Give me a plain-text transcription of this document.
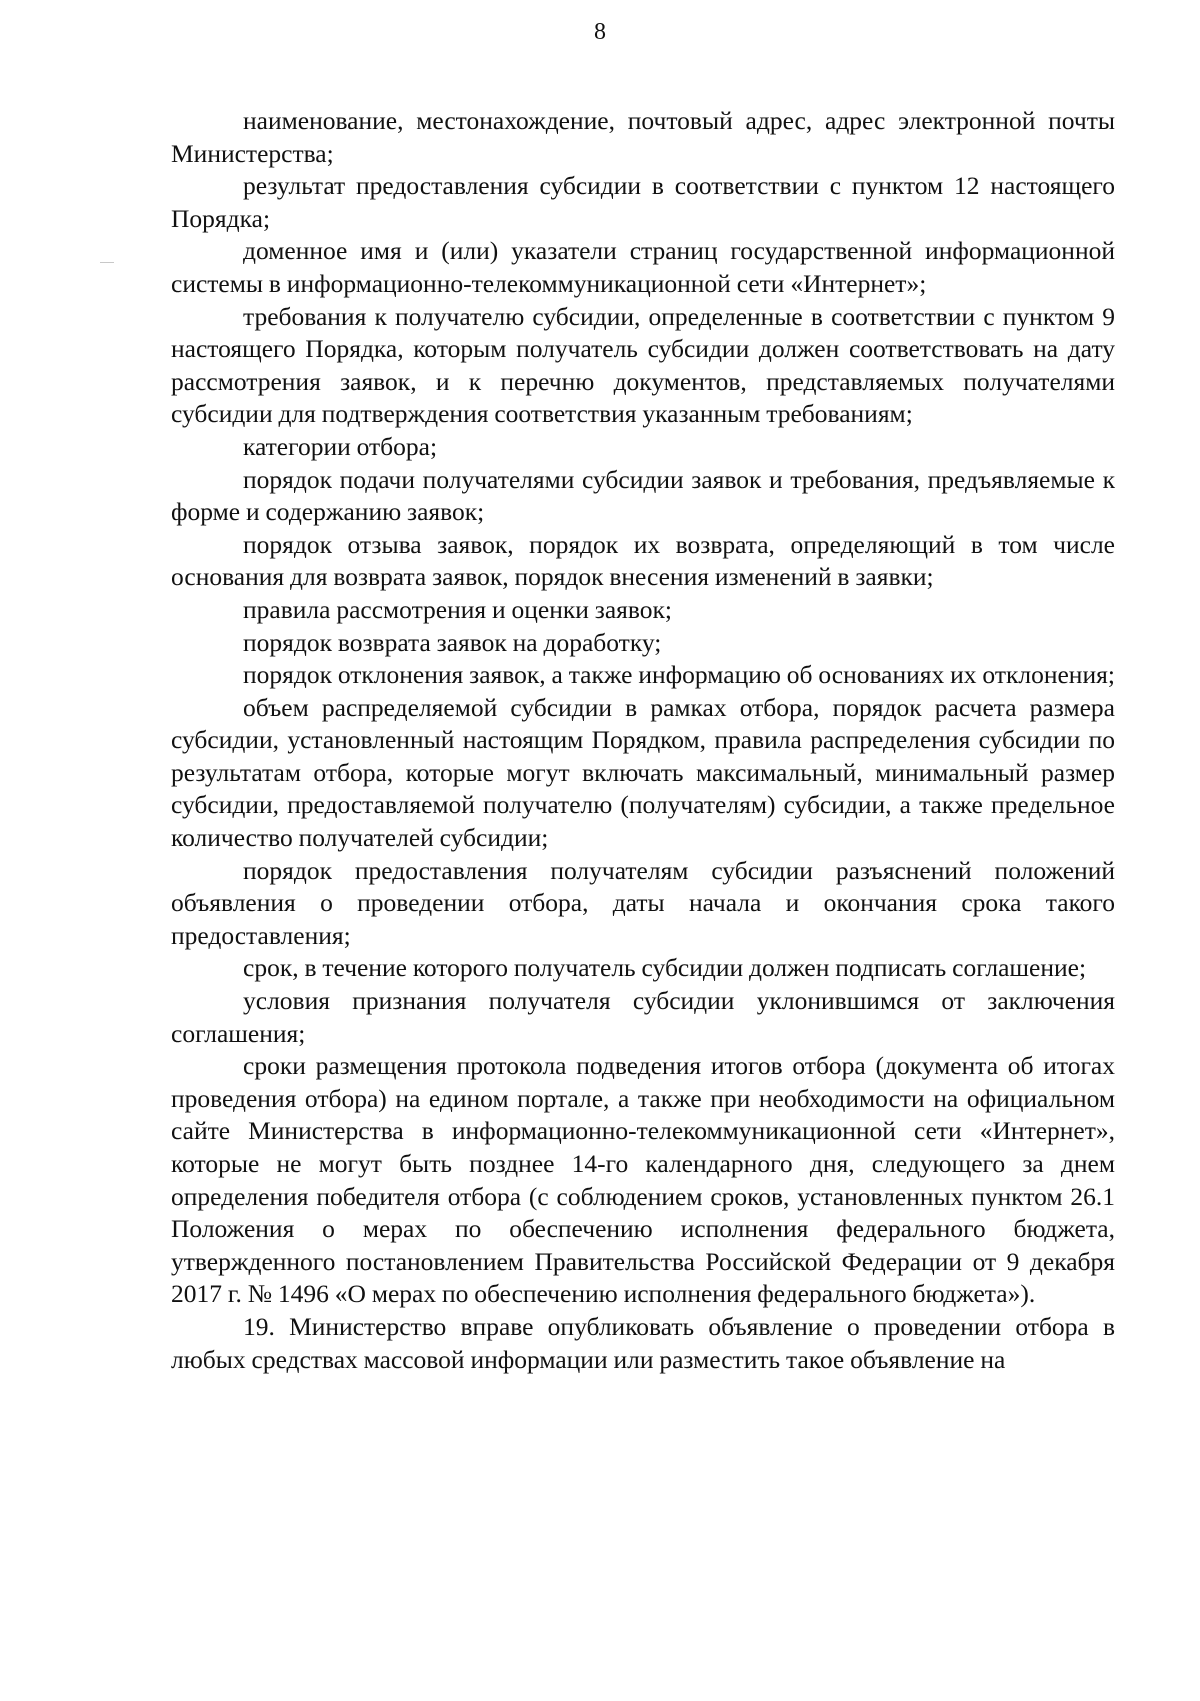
8

наименование, местонахождение, почтовый адрес, адрес электронной почты Министерства;

результат предоставления субсидии в соответствии с пунктом 12 настоящего Порядка;

доменное имя и (или) указатели страниц государственной информационной системы в информационно-телекоммуникационной сети «Интернет»;

требования к получателю субсидии, определенные в соответствии с пунктом 9 настоящего Порядка, которым получатель субсидии должен соответствовать на дату рассмотрения заявок, и к перечню документов, представляемых получателями субсидии для подтверждения соответствия указанным требованиям;

категории отбора;

порядок подачи получателями субсидии заявок и требования, предъявляемые к форме и содержанию заявок;

порядок отзыва заявок, порядок их возврата, определяющий в том числе основания для возврата заявок, порядок внесения изменений в заявки;

правила рассмотрения и оценки заявок;

порядок возврата заявок на доработку;

порядок отклонения заявок, а также информацию об основаниях их отклонения;

объем распределяемой субсидии в рамках отбора, порядок расчета размера субсидии, установленный настоящим Порядком, правила распределения субсидии по результатам отбора, которые могут включать максимальный, минимальный размер субсидии, предоставляемой получателю (получателям) субсидии, а также предельное количество получателей субсидии;

порядок предоставления получателям субсидии разъяснений положений объявления о проведении отбора, даты начала и окончания срока такого предоставления;

срок, в течение которого получатель субсидии должен подписать соглашение;

условия признания получателя субсидии уклонившимся от заключения соглашения;

сроки размещения протокола подведения итогов отбора (документа об итогах проведения отбора) на едином портале, а также при необходимости на официальном сайте Министерства в информационно-телекоммуникационной сети «Интернет», которые не могут быть позднее 14-го календарного дня, следующего за днем определения победителя отбора (с соблюдением сроков, установленных пунктом 26.1 Положения о мерах по обеспечению исполнения федерального бюджета, утвержденного постановлением Правительства Российской Федерации от 9 декабря 2017 г. № 1496 «О мерах по обеспечению исполнения федерального бюджета»).

19. Министерство вправе опубликовать объявление о проведении отбора в любых средствах массовой информации или разместить такое объявление на
